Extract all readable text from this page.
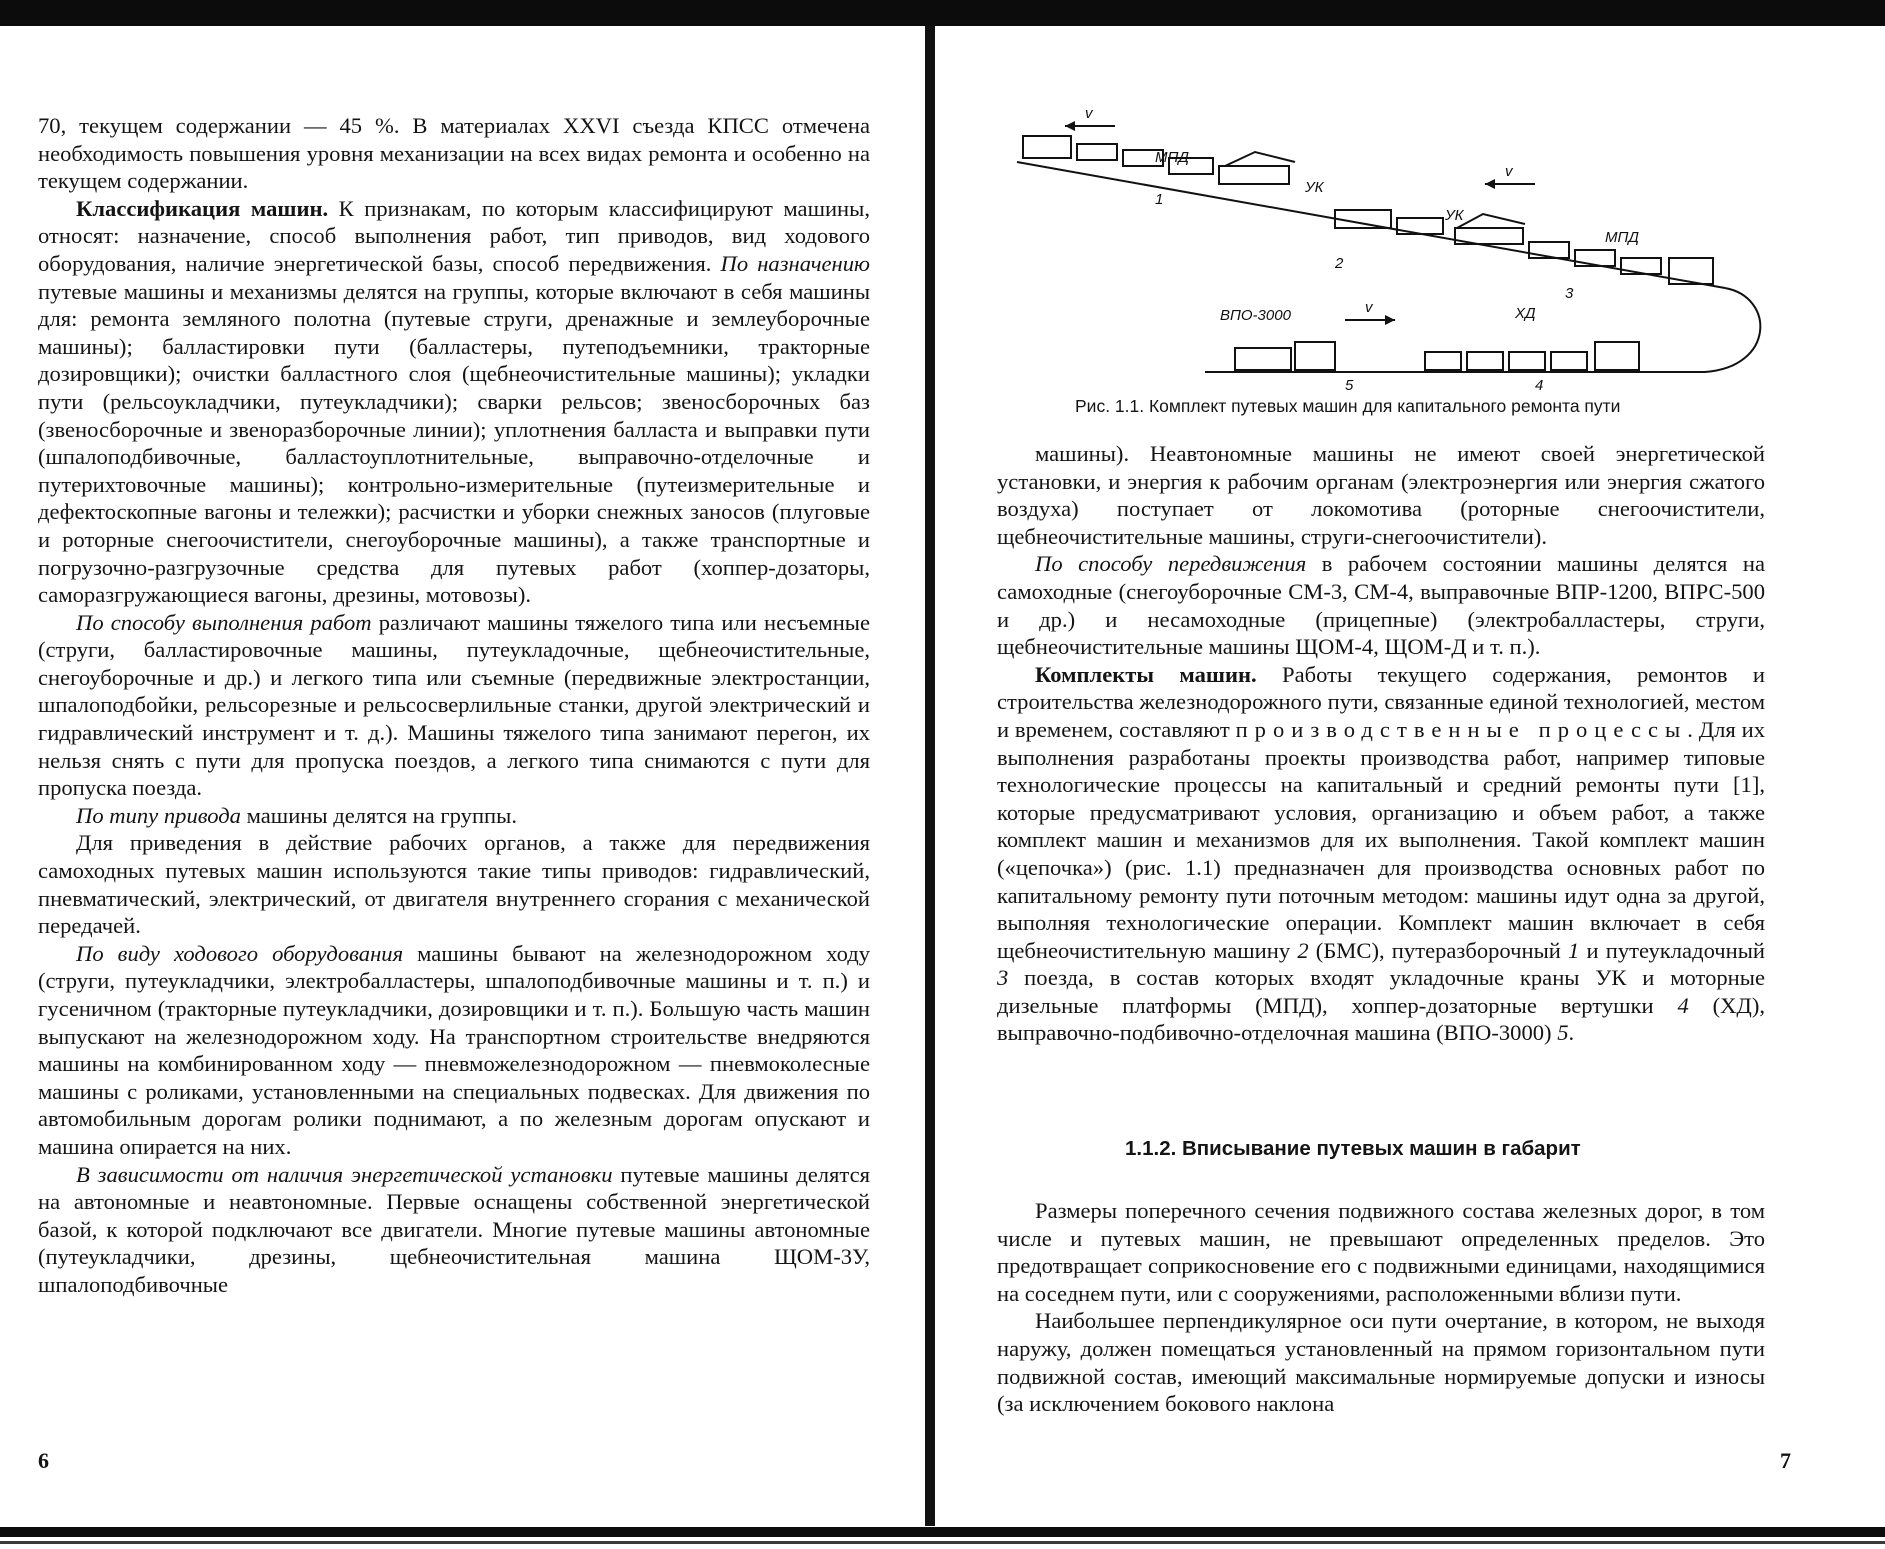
70, текущем содержании — 45 %. В материалах XXVI съезда КПСС отмечена необходимость повышения уровня механизации на всех видах ремонта и особенно на текущем содержании.

Классификация машин. К признакам, по которым классифицируют машины, относят: назначение, способ выполнения работ, тип приводов, вид ходового оборудования, наличие энергетической базы, способ передвижения. По назначению путевые машины и механизмы делятся на группы, которые включают в себя машины для: ремонта земляного полотна (путевые струги, дренажные и землеуборочные машины); балластировки пути (балластеры, путеподъемники, тракторные дозировщики); очистки балластного слоя (щебнеочистительные машины); укладки пути (рельсоукладчики, путеукладчики); сварки рельсов; звеносборочных баз (звеносборочные и звеноразборочные линии); уплотнения балласта и выправки пути (шпалоподбивочные, балластоуплотнительные, выправочно-отделочные и путерихтовочные машины); контрольно-измерительные (путеизмерительные и дефектоскопные вагоны и тележки); расчистки и уборки снежных заносов (плуговые и роторные снегоочистители, снегоуборочные машины), а также транспортные и погрузочно-разгрузочные средства для путевых работ (хоппер-дозаторы, саморазгружающиеся вагоны, дрезины, мотовозы).

По способу выполнения работ различают машины тяжелого типа или несъемные (струги, балластировочные машины, путеукладочные, щебнеочистительные, снегоуборочные и др.) и легкого типа или съемные (передвижные электростанции, шпалоподбойки, рельсорезные и рельсосверлильные станки, другой электрический и гидравлический инструмент и т. д.). Машины тяжелого типа занимают перегон, их нельзя снять с пути для пропуска поездов, а легкого типа снимаются с пути для пропуска поезда.

По типу привода машины делятся на группы.

Для приведения в действие рабочих органов, а также для передвижения самоходных путевых машин используются такие типы приводов: гидравлический, пневматический, электрический, от двигателя внутреннего сгорания с механической передачей.

По виду ходового оборудования машины бывают на железнодорожном ходу (струги, путеукладчики, электробалластеры, шпалоподбивочные машины и т. п.) и гусеничном (тракторные путеукладчики, дозировщики и т. п.). Большую часть машин выпускают на железнодорожном ходу. На транспортном строительстве внедряются машины на комбинированном ходу — пневможелезнодорожном — пневмоколесные машины с роликами, установленными на специальных подвесках. Для движения по автомобильным дорогам ролики поднимают, а по железным дорогам опускают и машина опирается на них.

В зависимости от наличия энергетической установки путевые машины делятся на автономные и неавтономные. Первые оснащены собственной энергетической базой, к которой подключают все двигатели. Многие путевые машины автономные (путеукладчики, дрезины, щебнеочистительная машина ЩОМ-3У, шпалоподбивочные

6
v
v
v
МПД
УК
УК
МПД
ВПО-3000	ХД
1
2
3
4
5
Рис. 1.1. Комплект путевых машин для капитального ремонта пути

машины). Неавтономные машины не имеют своей энергетической установки, и энергия к рабочим органам (электроэнергия или энергия сжатого воздуха) поступает от локомотива (роторные снегоочистители, щебнеочистительные машины, струги-снегоочистители).

По способу передвижения в рабочем состоянии машины делятся на самоходные (снегоуборочные СМ-3, СМ-4, выправочные ВПР-1200, ВПРС-500 и др.) и несамоходные (прицепные) (электробалластеры, струги, щебнеочистительные машины ЩОМ-4, ЩОМ-Д и т. п.).

Комплекты машин. Работы текущего содержания, ремонтов и строительства железнодорожного пути, связанные единой технологией, местом и временем, составляют производственные процессы. Для их выполнения разработаны проекты производства работ, например типовые технологические процессы на капитальный и средний ремонты пути [1], которые предусматривают условия, организацию и объем работ, а также комплект машин и механизмов для их выполнения. Такой комплект машин («цепочка») (рис. 1.1) предназначен для производства основных работ по капитальному ремонту пути поточным методом: машины идут одна за другой, выполняя технологические операции. Комплект машин включает в себя щебнеочистительную машину 2 (БМС), путеразборочный 1 и путеукладочный 3 поезда, в состав которых входят укладочные краны УК и моторные дизельные платформы (МПД), хоппер-дозаторные вертушки 4 (ХД), выправочно-подбивочно-отделочная машина (ВПО-3000) 5.

1.1.2. Вписывание путевых машин в габарит

Размеры поперечного сечения подвижного состава железных дорог, в том числе и путевых машин, не превышают определенных пределов. Это предотвращает соприкосновение его с подвижными единицами, находящимися на соседнем пути, или с сооружениями, расположенными вблизи пути.

Наибольшее перпендикулярное оси пути очертание, в котором, не выходя наружу, должен помещаться установленный на прямом горизонтальном пути подвижной состав, имеющий максимальные нормируемые допуски и износы (за исключением бокового наклона

7
